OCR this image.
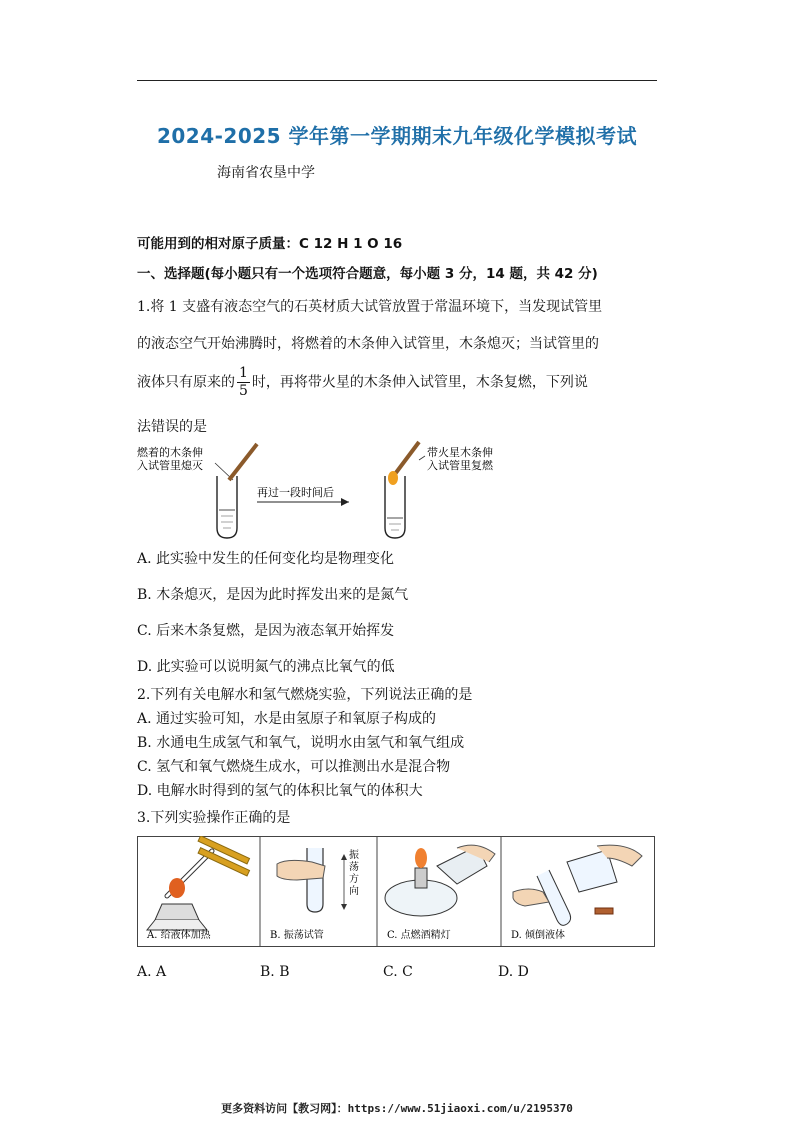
2024-2025 学年第一学期期末九年级化学模拟考试
海南省农垦中学
可能用到的相对原子质量：C 12 H 1 O 16
一、选择题(每小题只有一个选项符合题意，每小题 3 分，14 题，共 42 分)
1.将 1 支盛有液态空气的石英材质大试管放置于常温环境下，当发现试管里
的液态空气开始沸腾时，将燃着的木条伸入试管里，木条熄灭；当试管里的
液体只有原来的 $\frac{1}{5}$ 时，再将带火星的木条伸入试管里，木条复燃，下列说
法错误的是
燃着的木条伸
入试管里熄灭
再过一段时间后
带火星木条伸
入试管里复燃
A. 此实验中发生的任何变化均是物理变化
B. 木条熄灭，是因为此时挥发出来的是氮气
C. 后来木条复燃，是因为液态氧开始挥发
D. 此实验可以说明氮气的沸点比氧气的低
2.下列有关电解水和氢气燃烧实验，下列说法正确的是
A. 通过实验可知，水是由氢原子和氧原子构成的
B. 水通电生成氢气和氧气，说明水由氢气和氧气组成
C. 氢气和氧气燃烧生成水，可以推测出水是混合物
D. 电解水时得到的氢气的体积比氧气的体积大
3.下列实验操作正确的是
振
荡
方
向
A. 给液体加热	B. 振荡试管	C. 点燃酒精灯	D. 倾倒液体
A. A	B. B	C. C	D. D
更多资料访问【教习网】：https://www.51jiaoxi.com/u/2195370
